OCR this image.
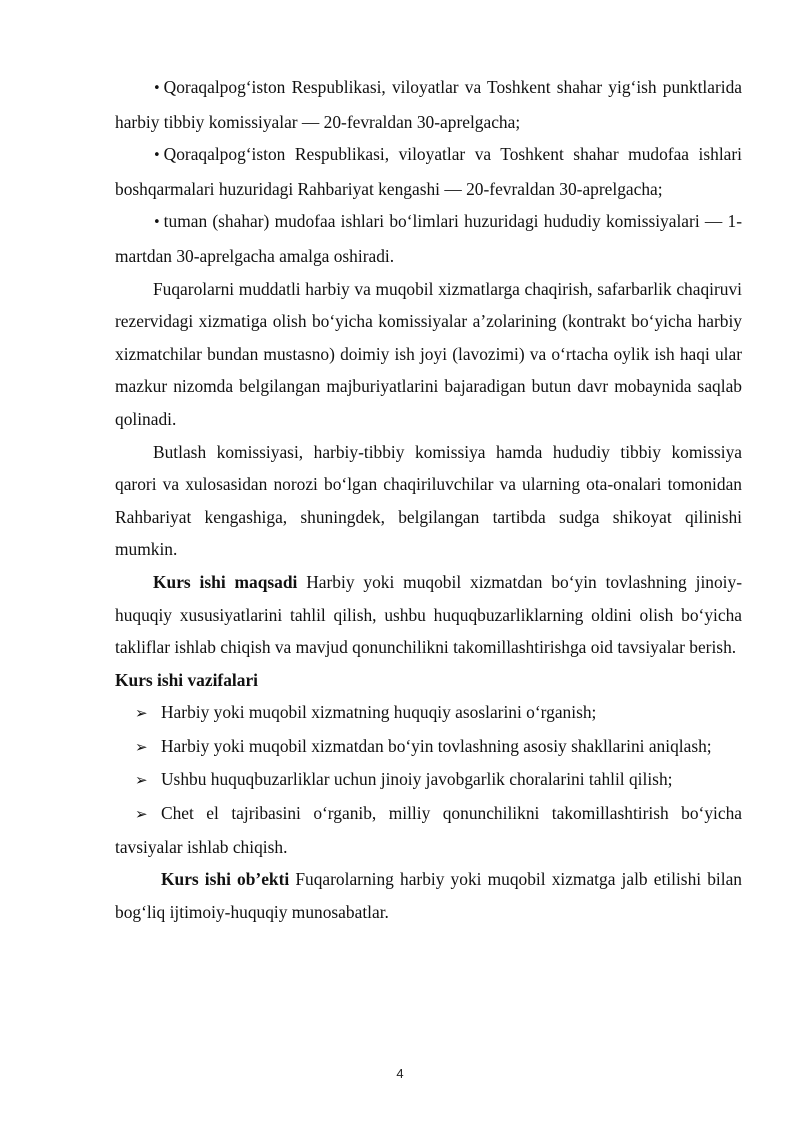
• Qoraqalpog‘iston Respublikasi, viloyatlar va Toshkent shahar yig‘ish punktlarida harbiy tibbiy komissiyalar — 20-fevraldan 30-aprelgacha;

• Qoraqalpog‘iston Respublikasi, viloyatlar va Toshkent shahar mudofaa ishlari boshqarmalari huzuridagi Rahbariyat kengashi — 20-fevraldan 30-aprelgacha;

• tuman (shahar) mudofaa ishlari bo‘limlari huzuridagi hududiy komissiyalari — 1-martdan 30-aprelgacha amalga oshiradi.

Fuqarolarni muddatli harbiy va muqobil xizmatlarga chaqirish, safarbarlik chaqiruvi rezervidagi xizmatiga olish bo‘yicha komissiyalar a’zolarining (kontrakt bo‘yicha harbiy xizmatchilar bundan mustasno) doimiy ish joyi (lavozimi) va o‘rtacha oylik ish haqi ular mazkur nizomda belgilangan majburiyatlarini bajaradigan butun davr mobaynida saqlab qolinadi.

Butlash komissiyasi, harbiy-tibbiy komissiya hamda hududiy tibbiy komissiya qarori va xulosasidan norozi bo‘lgan chaqiriluvchilar va ularning ota-onalari tomonidan Rahbariyat kengashiga, shuningdek, belgilangan tartibda sudga shikoyat qilinishi mumkin.

Kurs ishi maqsadi Harbiy yoki muqobil xizmatdan bo‘yin tovlashning jinoiy-huquqiy xususiyatlarini tahlil qilish, ushbu huquqbuzarliklarning oldini olish bo‘yicha takliflar ishlab chiqish va mavjud qonunchilikni takomillashtirishga oid tavsiyalar berish.

Kurs ishi vazifalari

➢ Harbiy yoki muqobil xizmatning huquqiy asoslarini o‘rganish;

➢ Harbiy yoki muqobil xizmatdan bo‘yin tovlashning asosiy shakllarini aniqlash;

➢ Ushbu huquqbuzarliklar uchun jinoiy javobgarlik choralarini tahlil qilish;

➢ Chet el tajribasini o‘rganib, milliy qonunchilikni takomillashtirish bo‘yicha tavsiyalar ishlab chiqish.

Kurs ishi ob’ekti Fuqarolarning harbiy yoki muqobil xizmatga jalb etilishi bilan bog‘liq ijtimoiy-huquqiy munosabatlar.

4
